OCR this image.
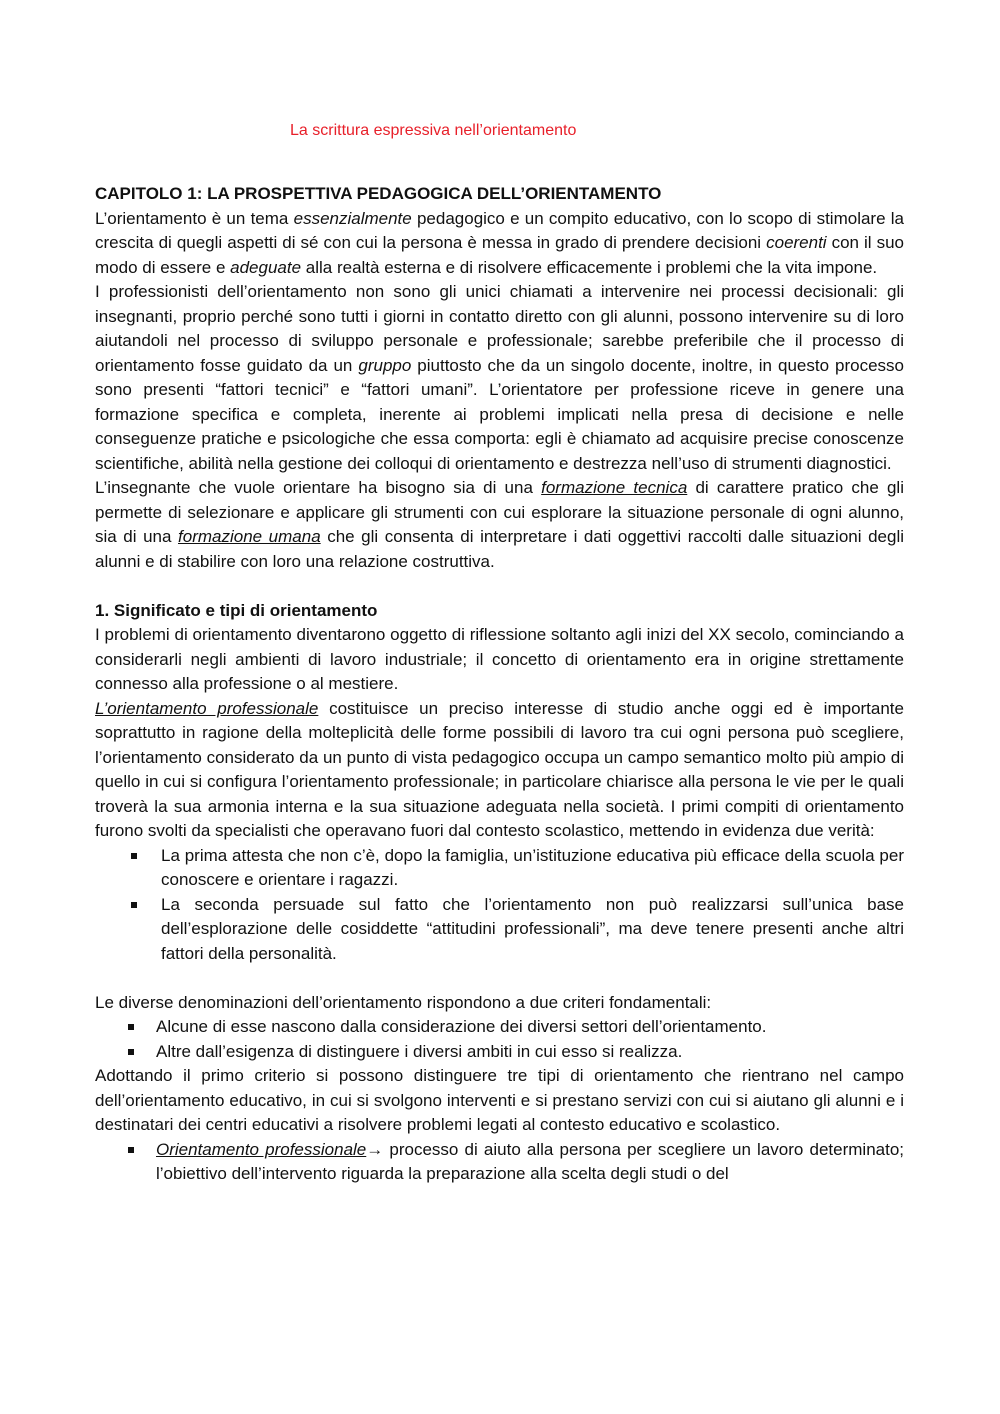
La scrittura espressiva nell’orientamento
CAPITOLO 1: LA PROSPETTIVA PEDAGOGICA DELL’ORIENTAMENTO

L’orientamento è un tema essenzialmente pedagogico e un compito educativo, con lo scopo di stimolare la crescita di quegli aspetti di sé con cui la persona è messa in grado di prendere decisioni coerenti con il suo modo di essere e adeguate alla realtà esterna e di risolvere efficacemente i problemi che la vita impone.

I professionisti dell’orientamento non sono gli unici chiamati a intervenire nei processi decisionali: gli insegnanti, proprio perché sono tutti i giorni in contatto diretto con gli alunni, possono intervenire su di loro aiutandoli nel processo di sviluppo personale e professionale; sarebbe preferibile che il processo di orientamento fosse guidato da un gruppo piuttosto che da un singolo docente, inoltre, in questo processo sono presenti “fattori tecnici” e “fattori umani”. L’orientatore per professione riceve in genere una formazione specifica e completa, inerente ai problemi implicati nella presa di decisione e nelle conseguenze pratiche e psicologiche che essa comporta: egli è chiamato ad acquisire precise conoscenze scientifiche, abilità nella gestione dei colloqui di orientamento e destrezza nell’uso di strumenti diagnostici.

L’insegnante che vuole orientare ha bisogno sia di una formazione tecnica di carattere pratico che gli permette di selezionare e applicare gli strumenti con cui esplorare la situazione personale di ogni alunno, sia di una formazione umana che gli consenta di interpretare i dati oggettivi raccolti dalle situazioni degli alunni e di stabilire con loro una relazione costruttiva.

1. Significato e tipi di orientamento

I problemi di orientamento diventarono oggetto di riflessione soltanto agli inizi del XX secolo, cominciando a considerarli negli ambienti di lavoro industriale; il concetto di orientamento era in origine strettamente connesso alla professione o al mestiere.

L’orientamento professionale costituisce un preciso interesse di studio anche oggi ed è importante soprattutto in ragione della molteplicità delle forme possibili di lavoro tra cui ogni persona può scegliere, l’orientamento considerato da un punto di vista pedagogico occupa un campo semantico molto più ampio di quello in cui si configura l’orientamento professionale; in particolare chiarisce alla persona le vie per le quali troverà la sua armonia interna e la sua situazione adeguata nella società. I primi compiti di orientamento furono svolti da specialisti che operavano fuori dal contesto scolastico, mettendo in evidenza due verità:

La prima attesta che non c’è, dopo la famiglia, un’istituzione educativa più efficace della scuola per conoscere e orientare i ragazzi.
La seconda persuade sul fatto che l’orientamento non può realizzarsi sull’unica base dell’esplorazione delle cosiddette “attitudini professionali”, ma deve tenere presenti anche altri fattori della personalità.

Le diverse denominazioni dell’orientamento rispondono a due criteri fondamentali:

Alcune di esse nascono dalla considerazione dei diversi settori dell’orientamento.
Altre dall’esigenza di distinguere i diversi ambiti in cui esso si realizza.

Adottando il primo criterio si possono distinguere tre tipi di orientamento che rientrano nel campo dell’orientamento educativo, in cui si svolgono interventi e si prestano servizi con cui si aiutano gli alunni e i destinatari dei centri educativi a risolvere problemi legati al contesto educativo e scolastico.

Orientamento professionale→ processo di aiuto alla persona per scegliere un lavoro determinato; l’obiettivo dell’intervento riguarda la preparazione alla scelta degli studi o del
